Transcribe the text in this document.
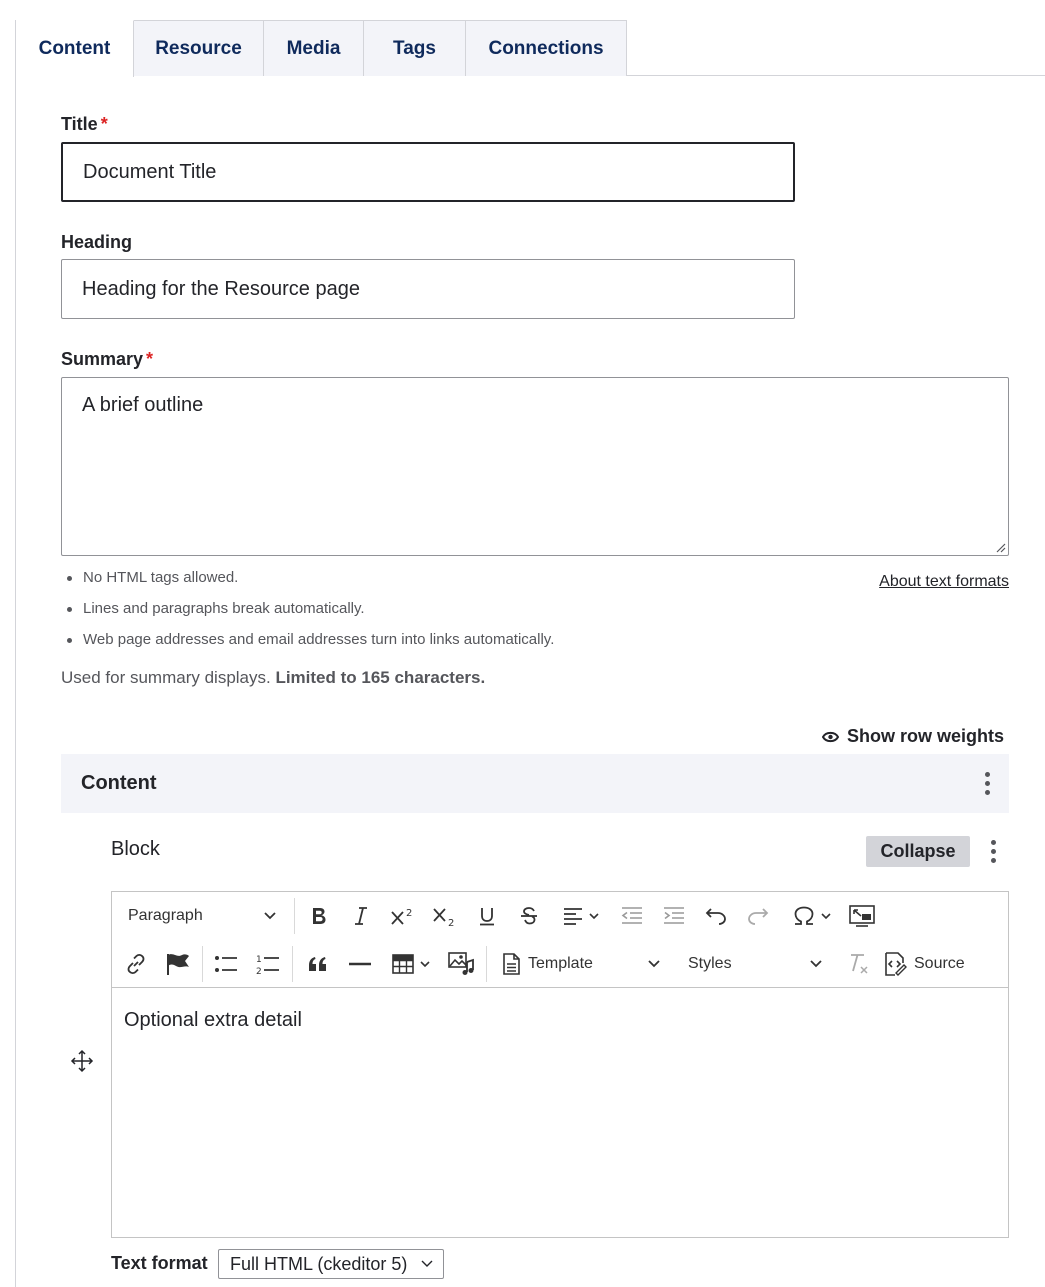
Content Resource Media	Tags	Connections
Title *
Document Title
Heading
Heading for the Resource page
Summary *
A brief outline
No HTML tags allowed.
Lines and paragraphs break automatically.
Web page addresses and email addresses turn into links automatically.
About text formats
Used for summary displays. Limited to 165 characters.
Show row weights
Content
Block	Collapse
Paragraph	2
2
1
2	Template	Styles	Source

Optional extra detail

Text format Full HTML (ckeditor 5)
